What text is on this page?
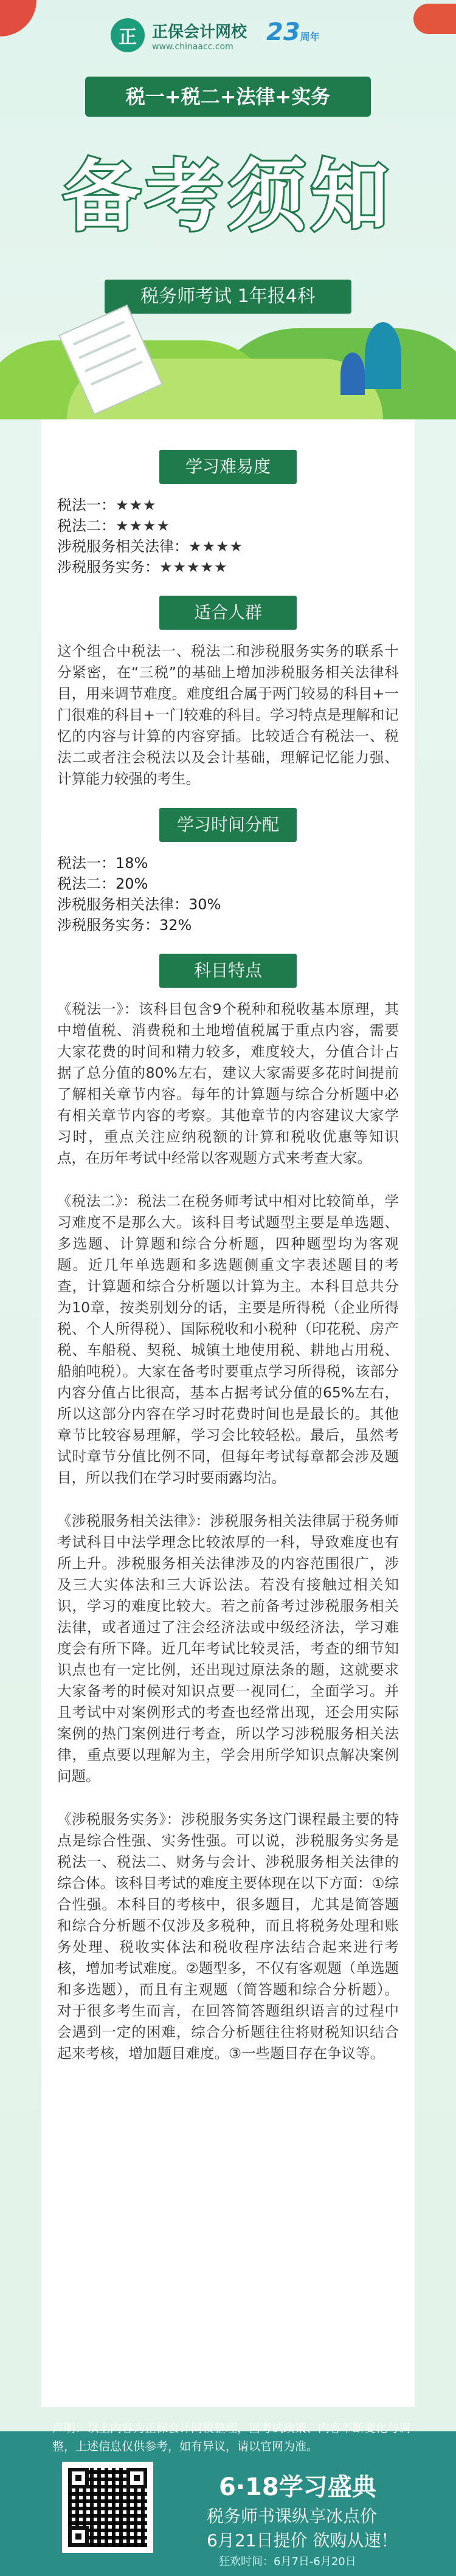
正 正保会计网校
www.chinaacc.com
23周年
税一+税二+法律+实务
备考须知
税务师考试 1年报4科
学习难易度

税法一：★★★

税法二：★★★★

涉税服务相关法律：★★★★

涉税服务实务：★★★★★

适合人群

这个组合中税法一、税法二和涉税服务实务的联系十分紧密，在“三税”的基础上增加涉税服务相关法律科目，用来调节难度。难度组合属于两门较易的科目+一门很难的科目+一门较难的科目。学习特点是理解和记忆的内容与计算的内容穿插。比较适合有税法一、税法二或者注会税法以及会计基础，理解记忆能力强、计算能力较强的考生。

学习时间分配

税法一：18%

税法二：20%

涉税服务相关法律：30%

涉税服务实务：32%

科目特点

《税法一》：该科目包含9个税种和税收基本原理，其中增值税、消费税和土地增值税属于重点内容，需要大家花费的时间和精力较多，难度较大，分值合计占据了总分值的80%左右，建议大家需要多花时间提前了解相关章节内容。每年的计算题与综合分析题中必有相关章节内容的考察。其他章节的内容建议大家学习时，重点关注应纳税额的计算和税收优惠等知识点，在历年考试中经常以客观题方式来考查大家。

《税法二》：税法二在税务师考试中相对比较简单，学习难度不是那么大。该科目考试题型主要是单选题、多选题、计算题和综合分析题，四种题型均为客观题。近几年单选题和多选题侧重文字表述题目的考查，计算题和综合分析题以计算为主。本科目总共分为10章，按类别划分的话，主要是所得税（企业所得税、个人所得税）、国际税收和小税种（印花税、房产税、车船税、契税、城镇土地使用税、耕地占用税、船舶吨税）。大家在备考时要重点学习所得税，该部分内容分值占比很高，基本占据考试分值的65%左右，所以这部分内容在学习时花费时间也是最长的。其他章节比较容易理解，学习会比较轻松。最后，虽然考试时章节分值比例不同，但每年考试每章都会涉及题目，所以我们在学习时要雨露均沾。

《涉税服务相关法律》：涉税服务相关法律属于税务师考试科目中法学理念比较浓厚的一科，导致难度也有所上升。涉税服务相关法律涉及的内容范围很广，涉及三大实体法和三大诉讼法。若没有接触过相关知识，学习的难度比较大。若之前备考过涉税服务相关法律，或者通过了注会经济法或中级经济法，学习难度会有所下降。近几年考试比较灵活，考查的细节知识点也有一定比例，还出现过原法条的题，这就要求大家备考的时候对知识点要一视同仁，全面学习。并且考试中对案例形式的考查也经常出现，还会用实际案例的热门案例进行考查，所以学习涉税服务相关法律，重点要以理解为主，学会用所学知识点解决案例问题。

《涉税服务实务》：涉税服务实务这门课程最主要的特点是综合性强、实务性强。可以说，涉税服务实务是税法一、税法二、财务与会计、涉税服务相关法律的综合体。该科目考试的难度主要体现在以下方面：①综合性强。本科目的考核中，很多题目，尤其是简答题和综合分析题不仅涉及多税种，而且将税务处理和账务处理、税收实体法和税收程序法结合起来进行考核，增加考试难度。②题型多，不仅有客观题（单选题和多选题），而且有主观题（简答题和综合分析题）。对于很多考生而言，在回答简答题组织语言的过程中会遇到一定的困难，综合分析题往往将财税知识结合起来考核，增加题目难度。③一些题目存在争议等。

声明：以上内容为正保会计网校整理，因考试政策、内容不断变化与调整，上述信息仅供参考，如有异议，请以官网为准。
6·18学习盛典
税务师书课纵享冰点价
6月21日提价 欲购从速！
狂欢时间：6月7日-6月20日
